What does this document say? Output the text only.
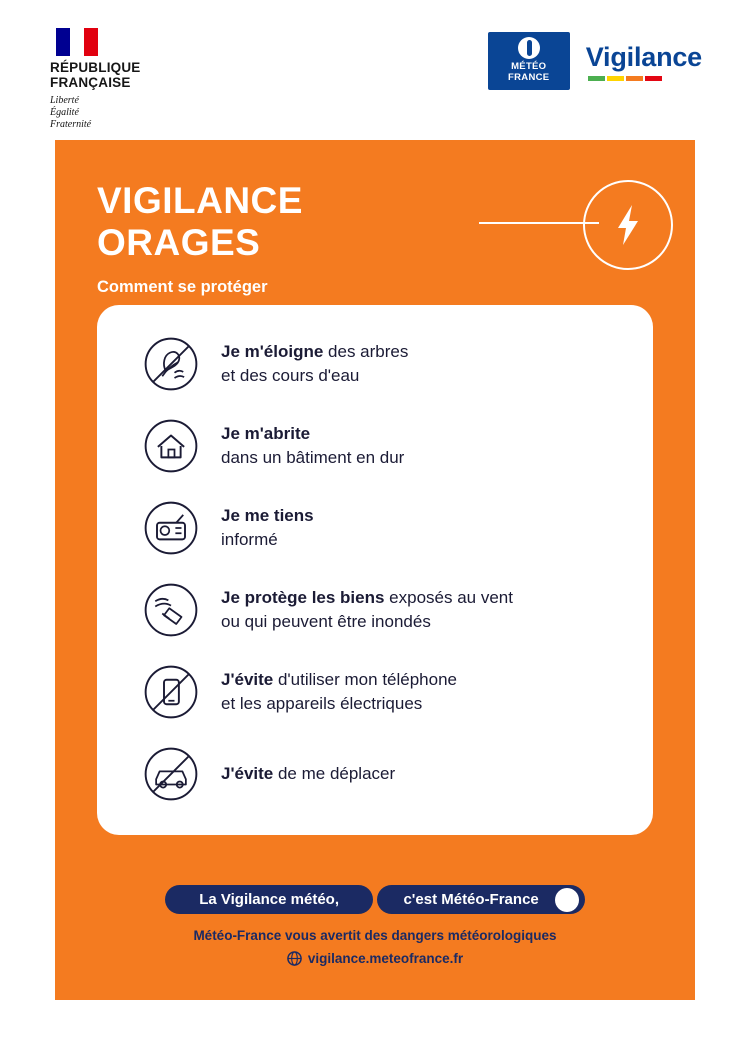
RÉPUBLIQUE
FRANÇAISE
Liberté
Égalité
Fraternité
MÉTÉO
FRANCE
Vigilance
VIGILANCE
ORAGES
Comment se protéger
Je m'éloigne des arbres
et des cours d'eau
Je m'abrite
dans un bâtiment en dur
Je me tiens
informé
Je protège les biens exposés au vent
ou qui peuvent être inondés
J'évite d'utiliser mon téléphone
et les appareils électriques
J'évite de me déplacer
La Vigilance météo,	c'est Météo-France
Météo-France vous avertit des dangers météorologiques
vigilance.meteofrance.fr
